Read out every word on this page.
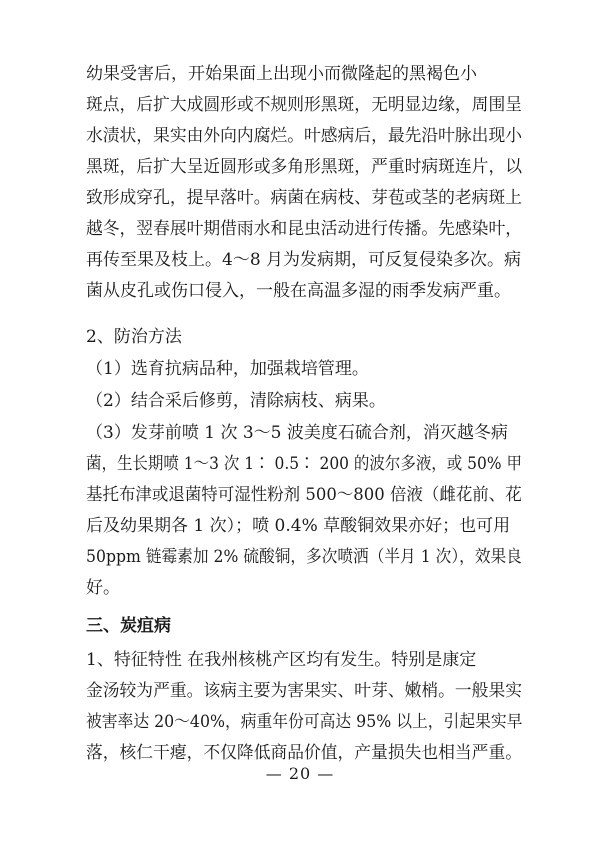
幼果受害后，开始果面上出现小而微隆起的黑褐色小
斑点，后扩大成圆形或不规则形黑斑，无明显边缘，周围呈
水渍状，果实由外向内腐烂。叶感病后，最先沿叶脉出现小
黑斑，后扩大呈近圆形或多角形黑斑，严重时病斑连片，以
致形成穿孔，提早落叶。病菌在病枝、芽苞或茎的老病斑上
越冬，翌春展叶期借雨水和昆虫活动进行传播。先感染叶，
再传至果及枝上。4～8 月为发病期，可反复侵染多次。病
菌从皮孔或伤口侵入，一般在高温多湿的雨季发病严重。
2、防治方法
（1）选育抗病品种，加强栽培管理。
（2）结合采后修剪，清除病枝、病果。
（3）发芽前喷 1 次 3～5 波美度石硫合剂，消灭越冬病
菌，生长期喷 1～3 次 1∶ 0.5∶ 200 的波尔多液，或 50% 甲
基托布津或退菌特可湿性粉剂 500～800 倍液（雌花前、花
后及幼果期各 1 次）；喷 0.4% 草酸铜效果亦好；也可用
50ppm 链霉素加 2% 硫酸铜，多次喷洒（半月 1 次），效果良
好。
三、炭疽病
1、特征特性 在我州核桃产区均有发生。特别是康定
金汤较为严重。该病主要为害果实、叶芽、嫩梢。一般果实
被害率达 20～40%，病重年份可高达 95% 以上，引起果实早
落，核仁干瘪，不仅降低商品价值，产量损失也相当严重。
— 20 —
